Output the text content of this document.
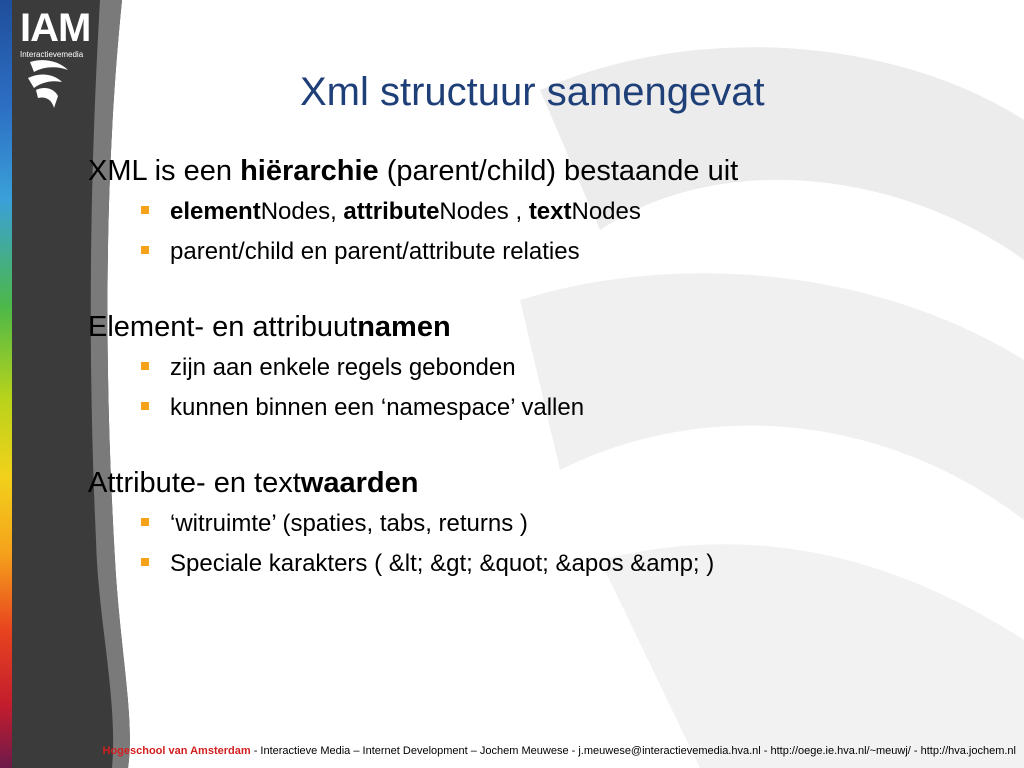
IAM
Interactievemedia
Xml structuur samengevat

XML is een hiërarchie (parent/child) bestaande uit

elementNodes, attributeNodes , textNodes

parent/child en parent/attribute relaties

Element- en attribuutnamen

zijn aan enkele regels gebonden

kunnen binnen een ‘namespace’ vallen

Attribute- en textwaarden

‘witruimte’ (spaties, tabs, returns )

Speciale karakters ( &lt; &gt; &quot; &apos &amp; )

Hogeschool van Amsterdam - Interactieve Media – Internet Development – Jochem Meuwese - j.meuwese@interactievemedia.hva.nl - http://oege.ie.hva.nl/~meuwj/ - http://hva.jochem.nl
